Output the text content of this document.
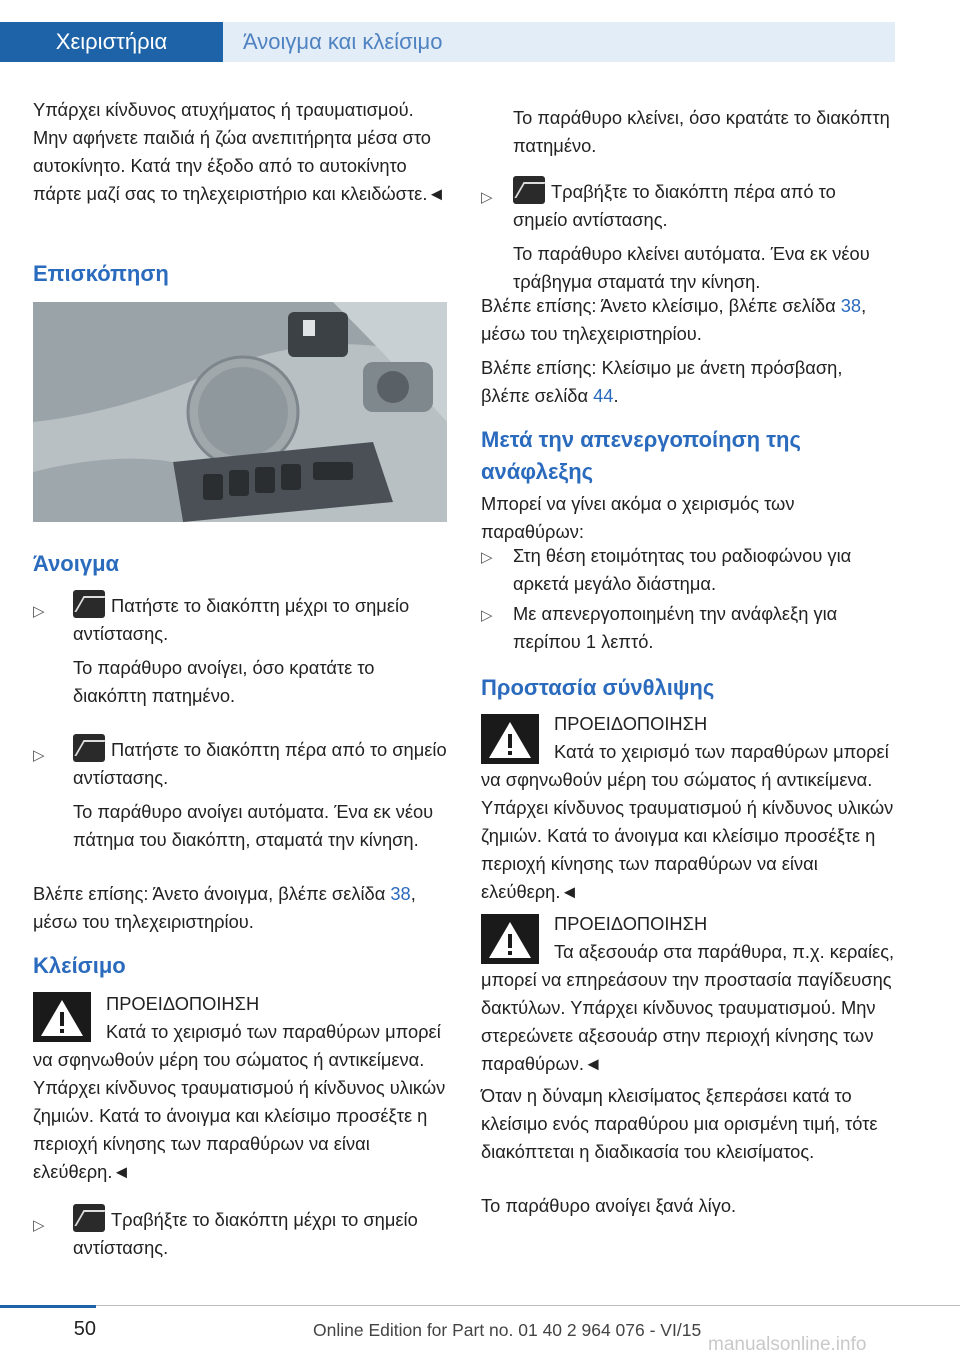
Χειριστήρια	Άνοιγμα και κλείσιμο

Υπάρχει κίνδυνος ατυχήματος ή τραυματισμού. Μην αφήνετε παιδιά ή ζώα ανεπιτήρητα μέσα στο αυτοκίνητο. Κατά την έξοδο από το αυτοκίνητο πάρτε μαζί σας το τηλεχειριστήριο και κλειδώστε.◄

Επισκόπηση
Άνοιγμα
▷	Πατήστε το διακόπτη μέχρι το σημείο αντίστασης.

Το παράθυρο ανοίγει, όσο κρατάτε το διακόπτη πατημένο.

▷	Πατήστε το διακόπτη πέρα από το σημείο αντίστασης.

Το παράθυρο ανοίγει αυτόματα. Ένα εκ νέου πάτημα του διακόπτη, σταματά την κίνηση.

Βλέπε επίσης: Άνετο άνοιγμα, βλέπε σελίδα 38, μέσω του τηλεχειριστηρίου.

Κλείσιμο

ΠΡΟΕΙΔΟΠΟΙΗΣΗ

Κατά το χειρισμό των παραθύρων μπορεί να σφηνωθούν μέρη του σώματος ή αντικείμενα. Υπάρχει κίνδυνος τραυματισμού ή κίνδυνος υλικών ζημιών. Κατά το άνοιγμα και κλείσιμο προσέξτε η περιοχή κίνησης των παραθύρων να είναι ελεύθερη.◄

▷	Τραβήξτε το διακόπτη μέχρι το σημείο αντίστασης.

Το παράθυρο κλείνει, όσο κρατάτε το διακόπτη πατημένο.

▷	Τραβήξτε το διακόπτη πέρα από το σημείο αντίστασης.

Το παράθυρο κλείνει αυτόματα. Ένα εκ νέου τράβηγμα σταματά την κίνηση.

Βλέπε επίσης: Άνετο κλείσιμο, βλέπε σελίδα 38, μέσω του τηλεχειριστηρίου.

Βλέπε επίσης: Κλείσιμο με άνετη πρόσβαση, βλέπε σελίδα 44.

Μετά την απενεργοποίηση της ανάφλεξης

Μπορεί να γίνει ακόμα ο χειρισμός των παραθύρων:

▷ Στη θέση ετοιμότητας του ραδιοφώνου για αρκετά μεγάλο διάστημα.

▷ Με απενεργοποιημένη την ανάφλεξη για περίπου 1 λεπτό.

Προστασία σύνθλιψης

ΠΡΟΕΙΔΟΠΟΙΗΣΗ

Κατά το χειρισμό των παραθύρων μπορεί να σφηνωθούν μέρη του σώματος ή αντικείμενα. Υπάρχει κίνδυνος τραυματισμού ή κίνδυνος υλικών ζημιών. Κατά το άνοιγμα και κλείσιμο προσέξτε η περιοχή κίνησης των παραθύρων να είναι ελεύθερη.◄

ΠΡΟΕΙΔΟΠΟΙΗΣΗ

Τα αξεσουάρ στα παράθυρα, π.χ. κεραίες, μπορεί να επηρεάσουν την προστασία παγίδευσης δακτύλων. Υπάρχει κίνδυνος τραυματισμού. Μην στερεώνετε αξεσουάρ στην περιοχή κίνησης των παραθύρων.◄

Όταν η δύναμη κλεισίματος ξεπεράσει κατά το κλείσιμο ενός παραθύρου μια ορισμένη τιμή, τότε διακόπτεται η διαδικασία του κλεισίματος.

Το παράθυρο ανοίγει ξανά λίγο.

50	Online Edition for Part no. 01 40 2 964 076 - VI/15
manualsonline.info
